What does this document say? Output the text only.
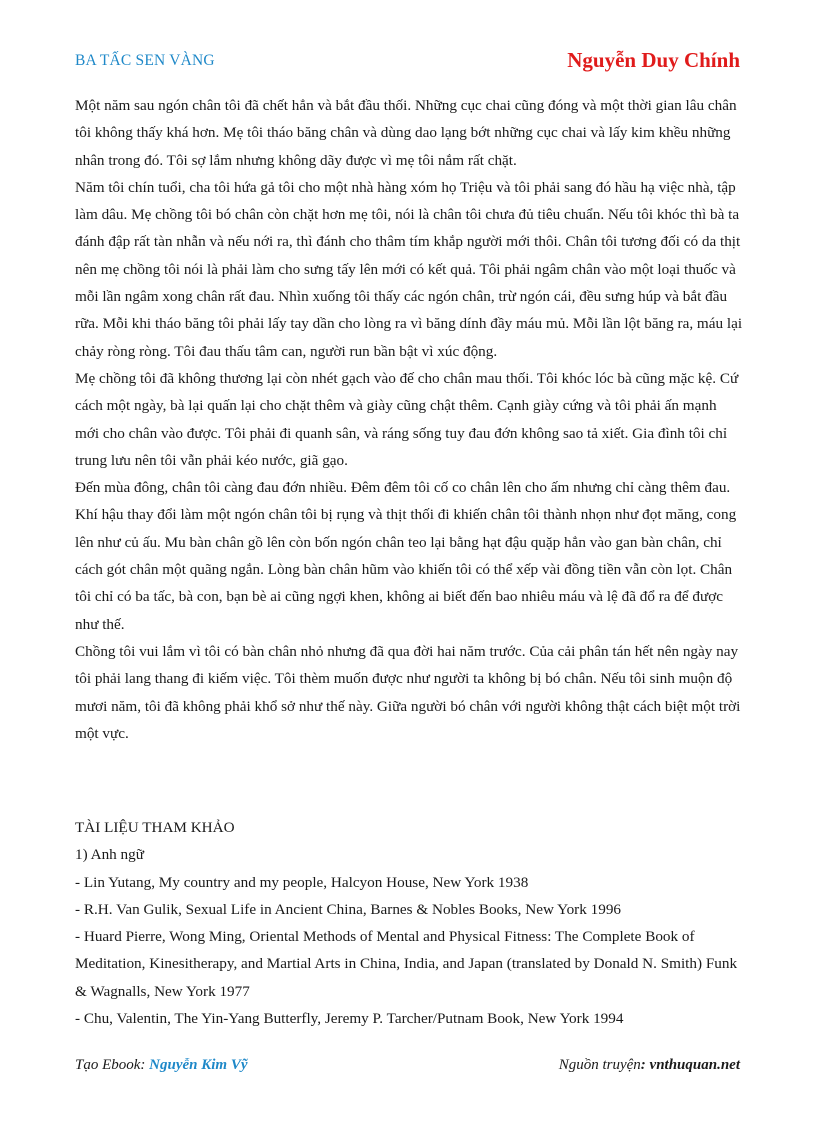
BA TẤC SEN VÀNG	Nguyễn Duy Chính

Một năm sau ngón chân tôi đã chết hẳn và bắt đầu thối. Những cục chai cũng đóng và một thời gian lâu chân tôi không thấy khá hơn. Mẹ tôi tháo băng chân và dùng dao lạng bớt những cục chai và lấy kim khều những nhân trong đó. Tôi sợ lắm nhưng không dãy được vì mẹ tôi nắm rất chặt.

Năm tôi chín tuổi, cha tôi hứa gả tôi cho một nhà hàng xóm họ Triệu và tôi phải sang đó hầu hạ việc nhà, tập làm dâu. Mẹ chồng tôi bó chân còn chặt hơn mẹ tôi, nói là chân tôi chưa đủ tiêu chuẩn. Nếu tôi khóc thì bà ta đánh đập rất tàn nhẫn và nếu nới ra, thì đánh cho thâm tím khắp người mới thôi. Chân tôi tương đối có da thịt nên mẹ chồng tôi nói là phải làm cho sưng tấy lên mới có kết quả. Tôi phải ngâm chân vào một loại thuốc và mỗi lần ngâm xong chân rất đau. Nhìn xuống tôi thấy các ngón chân, trừ ngón cái, đều sưng húp và bắt đầu rữa. Mỗi khi tháo băng tôi phải lấy tay dần cho lòng ra vì băng dính đầy máu mủ. Mỗi lần lột băng ra, máu lại chảy ròng ròng. Tôi đau thấu tâm can, người run bần bật vì xúc động.

Mẹ chồng tôi đã không thương lại còn nhét gạch vào đế cho chân mau thối. Tôi khóc lóc bà cũng mặc kệ. Cứ cách một ngày, bà lại quấn lại cho chặt thêm và giày cũng chật thêm. Cạnh giày cứng và tôi phải ấn mạnh mới cho chân vào được. Tôi phải đi quanh sân, và ráng sống tuy đau đớn không sao tả xiết. Gia đình tôi chỉ trung lưu nên tôi vẫn phải kéo nước, giã gạo.

Đến mùa đông, chân tôi càng đau đớn nhiều. Đêm đêm tôi cố co chân lên cho ấm nhưng chỉ càng thêm đau. Khí hậu thay đổi làm một ngón chân tôi bị rụng và thịt thối đi khiến chân tôi thành nhọn như đọt măng, cong lên như củ ấu. Mu bàn chân gồ lên còn bốn ngón chân teo lại bằng hạt đậu quặp hẳn vào gan bàn chân, chỉ cách gót chân một quãng ngắn. Lòng bàn chân hũm vào khiến tôi có thể xếp vài đồng tiền vẫn còn lọt. Chân tôi chỉ có ba tấc, bà con, bạn bè ai cũng ngợi khen, không ai biết đến bao nhiêu máu và lệ đã đổ ra để được như thế.

Chồng tôi vui lắm vì tôi có bàn chân nhỏ nhưng đã qua đời hai năm trước. Của cải phân tán hết nên ngày nay tôi phải lang thang đi kiếm việc. Tôi thèm muốn được như người ta không bị bó chân. Nếu tôi sinh muộn độ mươi năm, tôi đã không phải khổ sở như thế này. Giữa người bó chân với người không thật cách biệt một trời một vực.

TÀI LIỆU THAM KHẢO

1) Anh ngữ

- Lin Yutang, My country and my people, Halcyon House, New York 1938

- R.H. Van Gulik, Sexual Life in Ancient China, Barnes & Nobles Books, New York 1996

- Huard Pierre, Wong Ming, Oriental Methods of Mental and Physical Fitness: The Complete Book of Meditation, Kinesitherapy, and Martial Arts in China, India, and Japan (translated by Donald N. Smith) Funk & Wagnalls, New York 1977

- Chu, Valentin, The Yin-Yang Butterfly, Jeremy P. Tarcher/Putnam Book, New York 1994

Tạo Ebook: Nguyễn Kim Vỹ	Nguồn truyện: vnthuquan.net
